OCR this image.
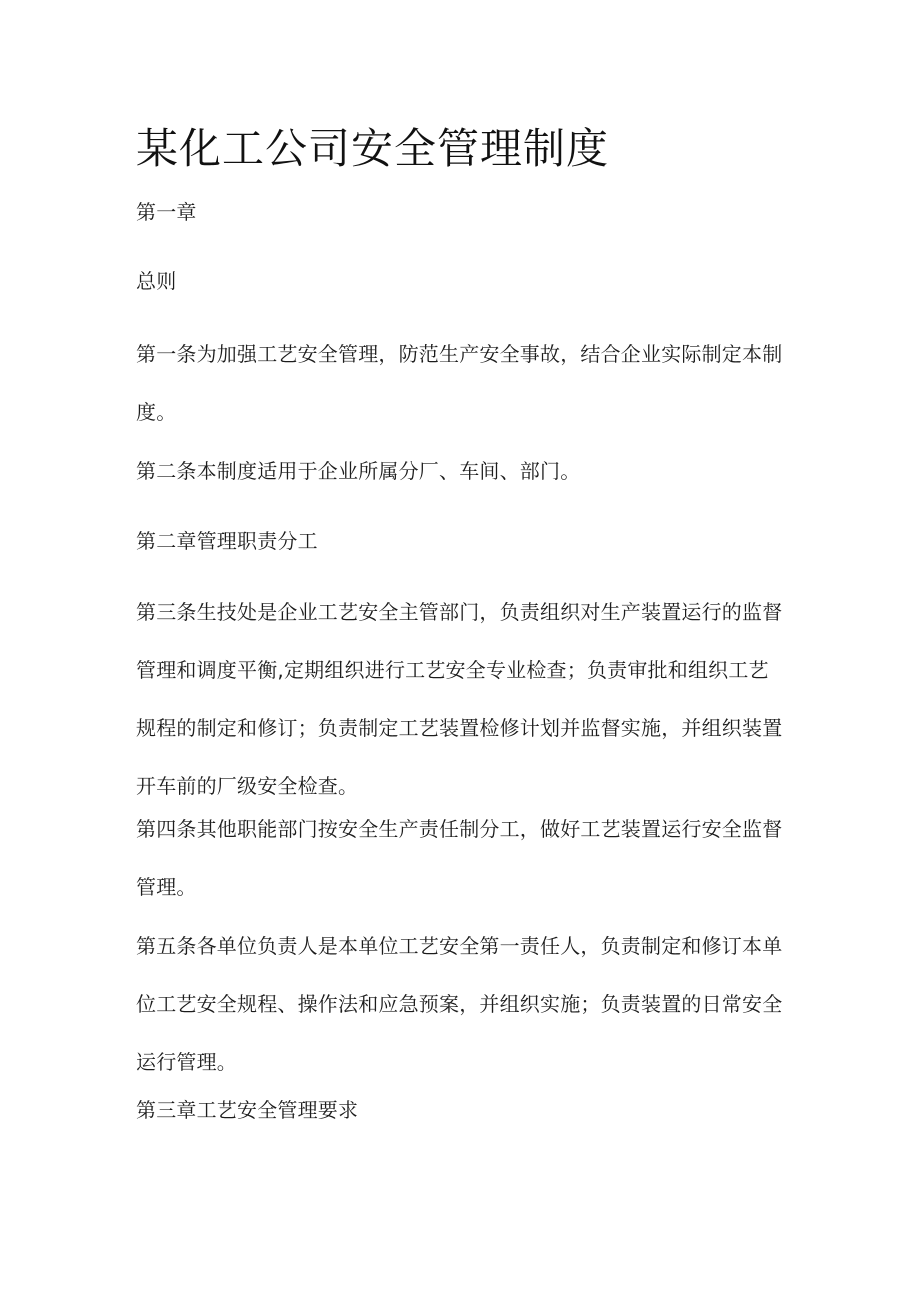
某化工公司安全管理制度

第一章

总则

第一条为加强工艺安全管理，防范生产安全事故，结合企业实际制定本制度。

第二条本制度适用于企业所属分厂、车间、部门。

第二章管理职责分工

第三条生技处是企业工艺安全主管部门，负责组织对生产装置运行的监督管理和调度平衡,定期组织进行工艺安全专业检查；负责审批和组织工艺规程的制定和修订；负责制定工艺装置检修计划并监督实施，并组织装置开车前的厂级安全检查。

第四条其他职能部门按安全生产责任制分工，做好工艺装置运行安全监督管理。

第五条各单位负责人是本单位工艺安全第一责任人，负责制定和修订本单位工艺安全规程、操作法和应急预案，并组织实施；负责装置的日常安全运行管理。

第三章工艺安全管理要求
